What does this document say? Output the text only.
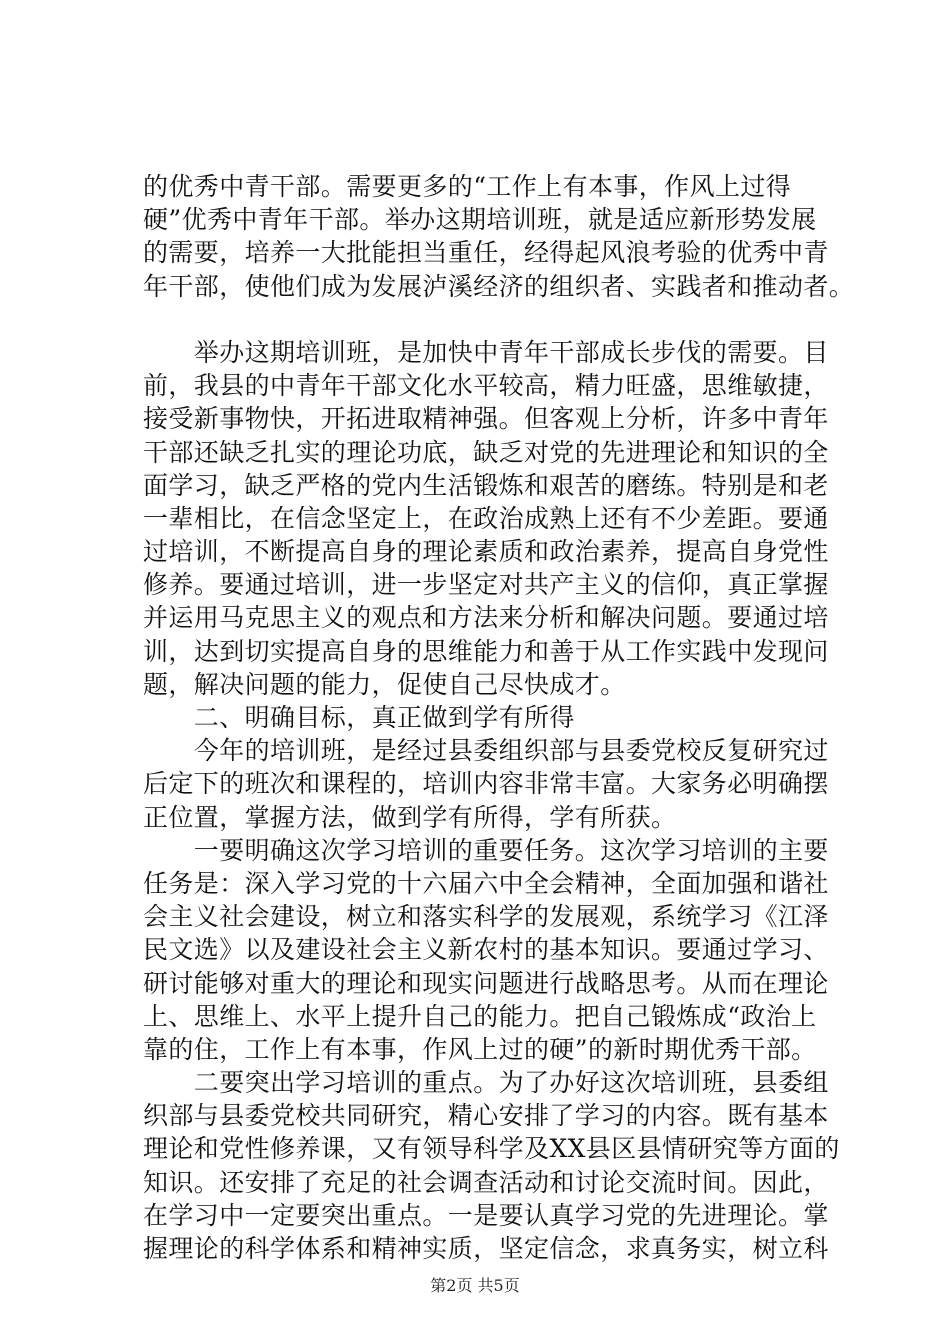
的优秀中青干部。需要更多的“工作上有本事，作风上过得
硬”优秀中青年干部。举办这期培训班，就是适应新形势发展
的需要，培养一大批能担当重任，经得起风浪考验的优秀中青
年干部，使他们成为发展泸溪经济的组织者、实践者和推动者。
　　举办这期培训班，是加快中青年干部成长步伐的需要。目
前，我县的中青年干部文化水平较高，精力旺盛，思维敏捷，
接受新事物快，开拓进取精神强。但客观上分析，许多中青年
干部还缺乏扎实的理论功底，缺乏对党的先进理论和知识的全
面学习，缺乏严格的党内生活锻炼和艰苦的磨练。特别是和老
一辈相比，在信念坚定上，在政治成熟上还有不少差距。要通
过培训，不断提高自身的理论素质和政治素养，提高自身党性
修养。要通过培训，进一步坚定对共产主义的信仰，真正掌握
并运用马克思主义的观点和方法来分析和解决问题。要通过培
训，达到切实提高自身的思维能力和善于从工作实践中发现问
题，解决问题的能力，促使自己尽快成才。
　　二、明确目标，真正做到学有所得
　　今年的培训班，是经过县委组织部与县委党校反复研究过
后定下的班次和课程的，培训内容非常丰富。大家务必明确摆
正位置，掌握方法，做到学有所得，学有所获。
　　一要明确这次学习培训的重要任务。这次学习培训的主要
任务是：深入学习党的十六届六中全会精神，全面加强和谐社
会主义社会建设，树立和落实科学的发展观，系统学习《江泽
民文选》以及建设社会主义新农村的基本知识。要通过学习、
研讨能够对重大的理论和现实问题进行战略思考。从而在理论
上、思维上、水平上提升自己的能力。把自己锻炼成“政治上
靠的住，工作上有本事，作风上过的硬”的新时期优秀干部。
　　二要突出学习培训的重点。为了办好这次培训班，县委组
织部与县委党校共同研究，精心安排了学习的内容。既有基本
理论和党性修养课，又有领导科学及XX县区县情研究等方面的
知识。还安排了充足的社会调查活动和讨论交流时间。因此，
在学习中一定要突出重点。一是要认真学习党的先进理论。掌
握理论的科学体系和精神实质，坚定信念，求真务实，树立科
第2页 共5页
